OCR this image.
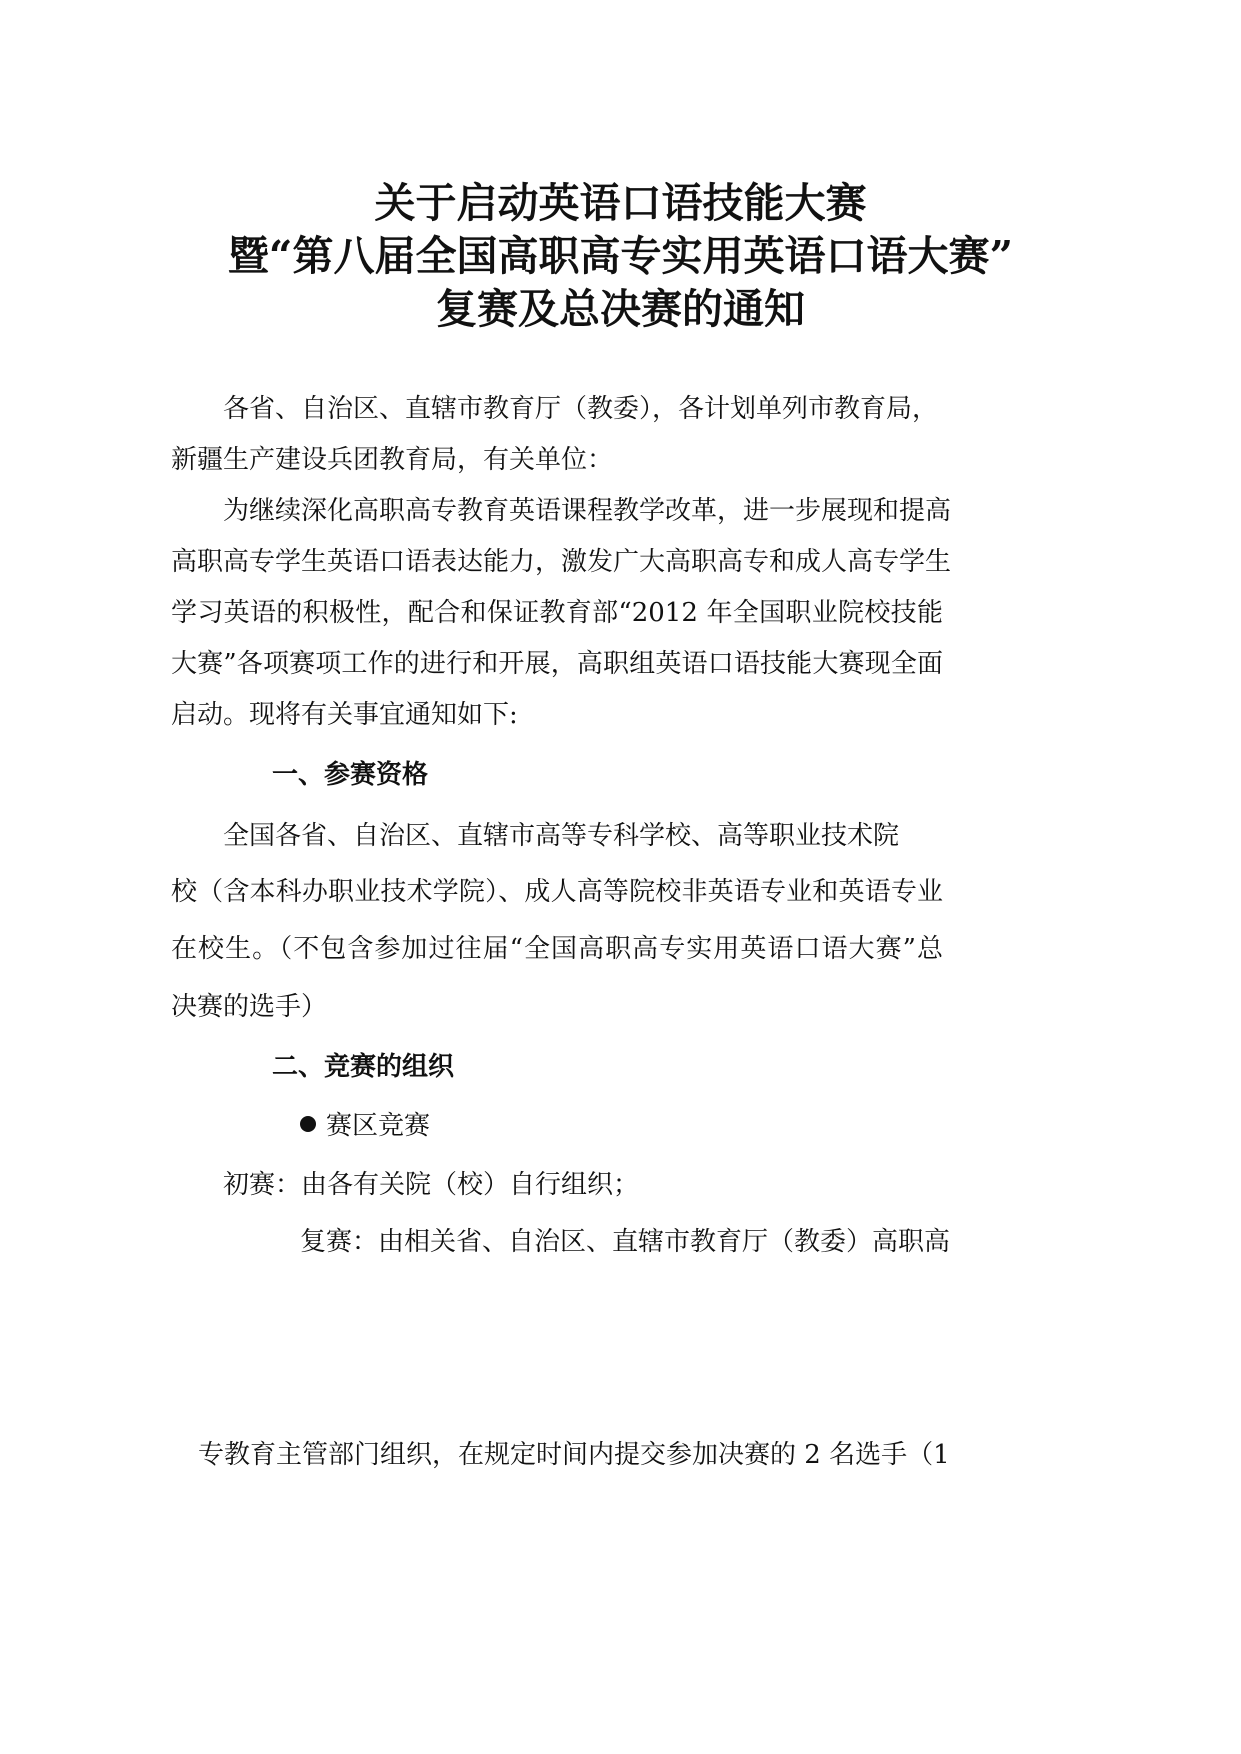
关于启动英语口语技能大赛
暨“第八届全国高职高专实用英语口语大赛”
复赛及总决赛的通知
各省、自治区、直辖市教育厅（教委），各计划单列市教育局，
新疆生产建设兵团教育局，有关单位：
为继续深化高职高专教育英语课程教学改革，进一步展现和提高
高职高专学生英语口语表达能力，激发广大高职高专和成人高专学生
学习英语的积极性，配合和保证教育部“2012 年全国职业院校技能
大赛”各项赛项工作的进行和开展，高职组英语口语技能大赛现全面
启动。现将有关事宜通知如下:
一、参赛资格
全国各省、自治区、直辖市高等专科学校、高等职业技术院
校（含本科办职业技术学院）、成人高等院校非英语专业和英语专业
在校生。（不包含参加过往届“全国高职高专实用英语口语大赛”总
决赛的选手）
二、竞赛的组织
赛区竞赛
初赛：由各有关院（校）自行组织；
复赛：由相关省、自治区、直辖市教育厅（教委）高职高
专教育主管部门组织，在规定时间内提交参加决赛的 2 名选手（1
